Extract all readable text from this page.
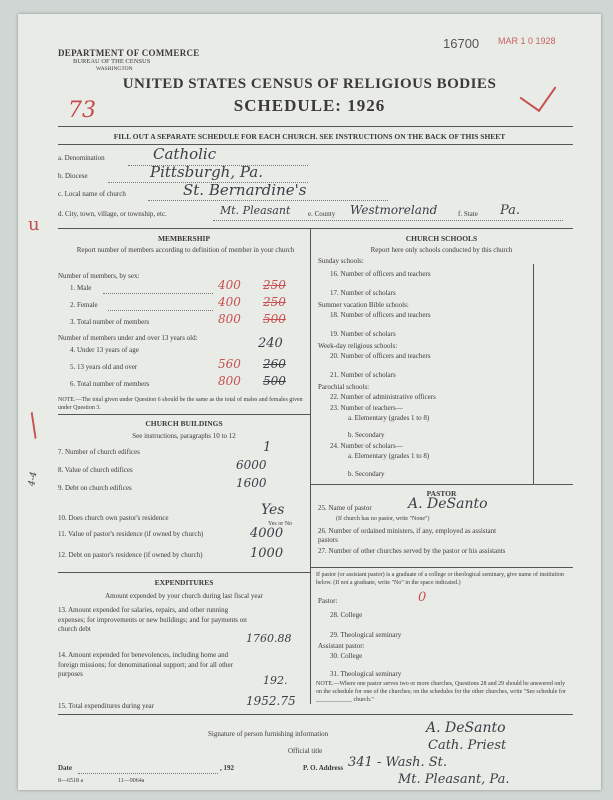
DEPARTMENT OF COMMERCE
BUREAU OF THE CENSUS
WASHINGTON
16700 MAR 1 0 1928
UNITED STATES CENSUS OF RELIGIOUS BODIES
SCHEDULE: 1926
73
FILL OUT A SEPARATE SCHEDULE FOR EACH CHURCH. SEE INSTRUCTIONS ON THE BACK OF THIS SHEET
a. Denomination	Catholic
b. Diocese	Pittsburgh, Pa.
c. Local name of church	St. Bernardine's
d. City, town, village, or township, etc.	Mt. Pleasant	e. County Westmoreland	f. State Pa.
u
⁄
4-4
MEMBERSHIP
Report number of members according to definition of member in your church
Number of members, by sex:
1. Male	400 250
2. Female	400 250
3. Total number of members	800 500
Number of members under and over 13 years old:
4. Under 13 years of age	240
5. 13 years old and over	560 260
6. Total number of members	800 500
NOTE.—The total given under Question 6 should be the same as the total of males and females given under Question 3.
CHURCH BUILDINGS
See instructions, paragraphs 10 to 12
7. Number of church edifices	1
8. Value of church edifices	6000
9. Debt on church edifices	1600
10. Does church own pastor's residence	Yes
Yes or No
11. Value of pastor's residence (if owned by church)	4000
12. Debt on pastor's residence (if owned by church)	1000
EXPENDITURES
Amount expended by your church during last fiscal year
13. Amount expended for salaries, repairs, and other running expenses; for improvements or new buildings; and for payments on church debt
1760.88
14. Amount expended for benevolences, including home and foreign missions; for denominational support; and for all other purposes	192.
15. Total expenditures during year	1952.75
CHURCH SCHOOLS
Report here only schools conducted by this church
Sunday schools:
16. Number of officers and teachers
17. Number of scholars
Summer vacation Bible schools:
18. Number of officers and teachers
19. Number of scholars
Week-day religious schools:
20. Number of officers and teachers
21. Number of scholars
Parochial schools:
22. Number of administrative officers
23. Number of teachers—
a. Elementary (grades 1 to 8)
b. Secondary
24. Number of scholars—
a. Elementary (grades 1 to 8)
b. Secondary
PASTOR
25. Name of pastor	A. DeSanto
(If church has no pastor, write "None")
26. Number of ordained ministers, if any, employed as assistant pastors
27. Number of other churches served by the pastor or his assistants
If pastor (or assistant pastor) is a graduate of a college or theological seminary, give name of institution below. (If not a graduate, write "No" in the space indicated.)
Pastor:	0
28. College
29. Theological seminary
Assistant pastor:
30. College
31. Theological seminary
NOTE.—Where one pastor serves two or more churches, Questions 28 and 29 should be answered only on the schedule for one of the churches; on the schedules for the other churches, write "See schedule for ____________ church."
Signature of person furnishing information	A. DeSanto
Official title	Cath. Priest
Date	, 192	P. O. Address 341 - Wash. St.
Mt. Pleasant, Pa.
8—6518 a	11—9064a
